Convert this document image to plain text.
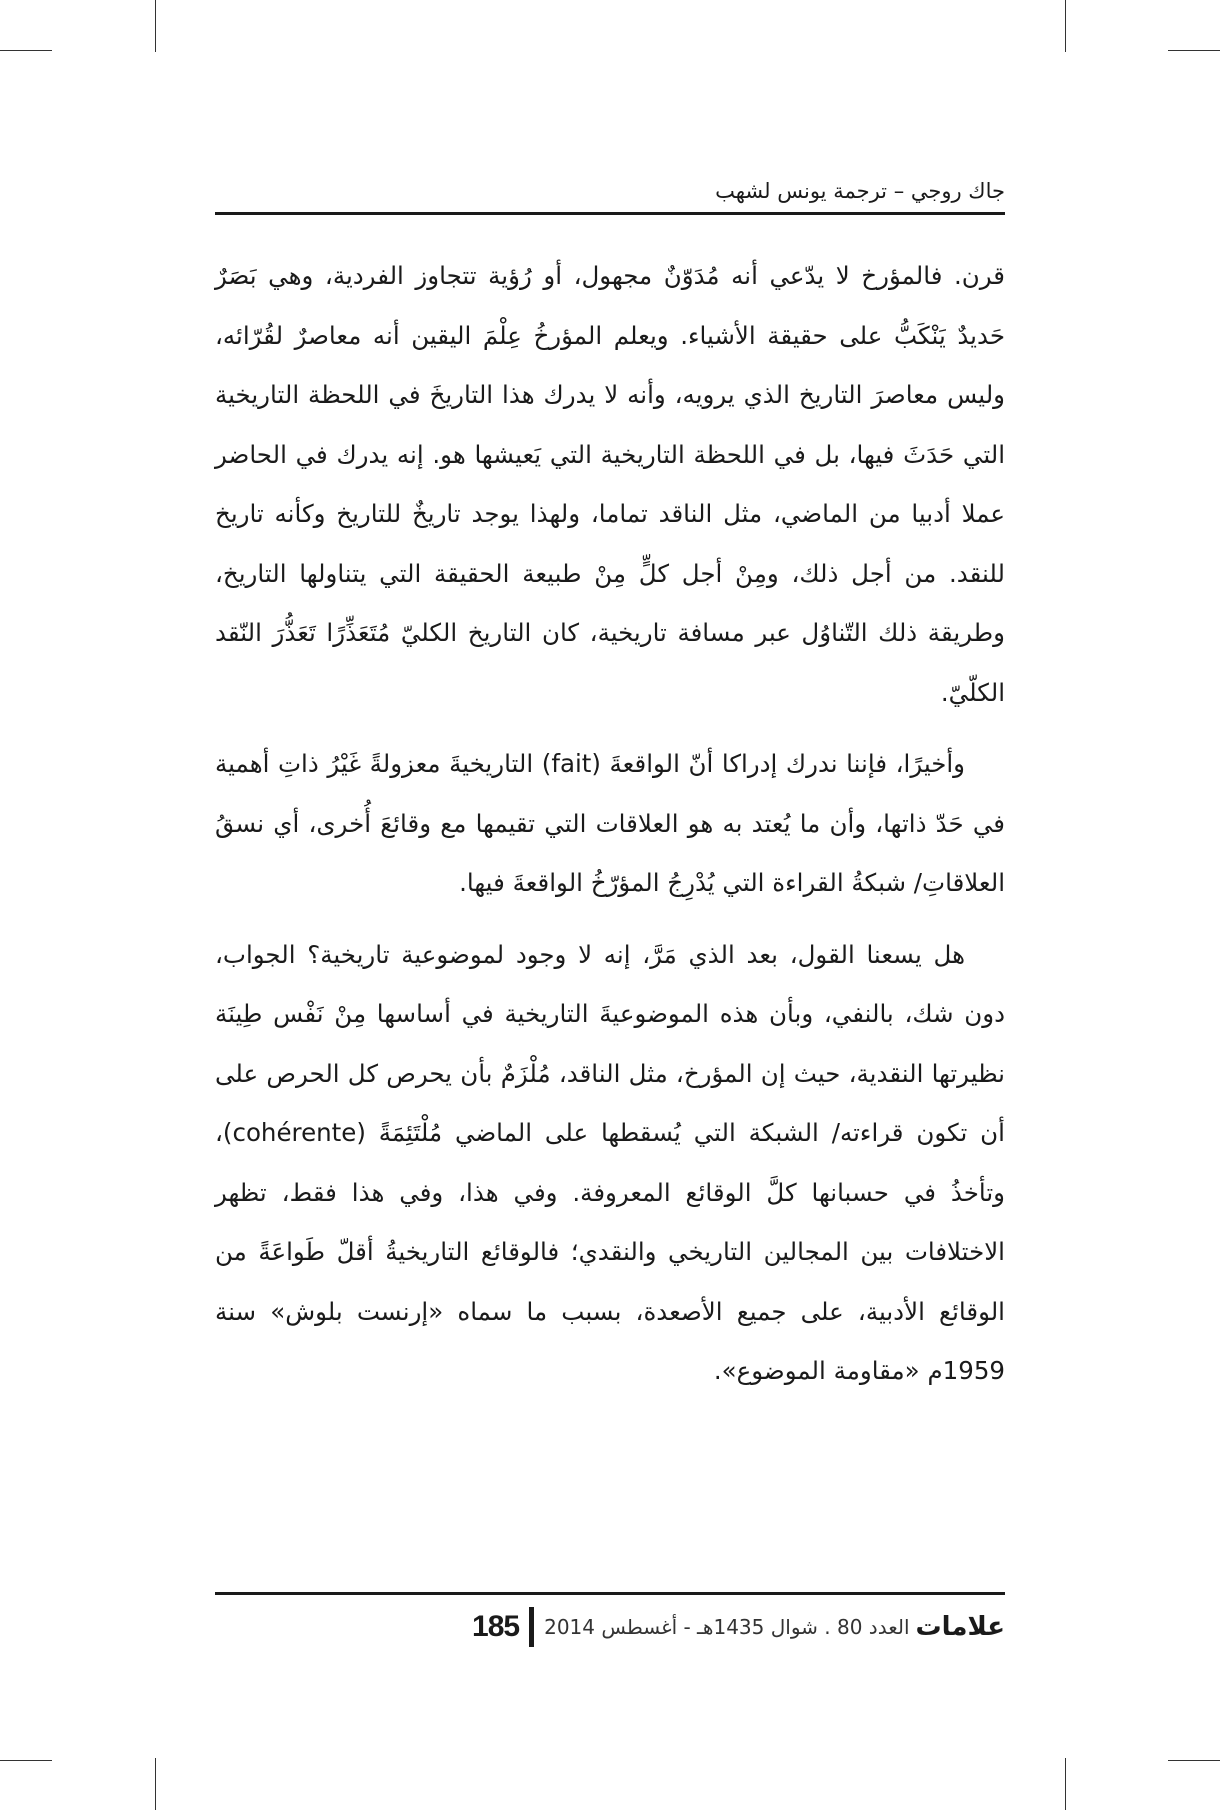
جاك روجي – ترجمة يونس لشهب

قرن. فالمؤرخ لا يدّعي أنه مُدَوّنٌ مجهول، أو رُؤية تتجاوز الفردية، وهي بَصَرٌ حَديدٌ يَنْكَبُّ على حقيقة الأشياء. ويعلم المؤرخُ عِلْمَ اليقين أنه معاصرٌ لقُرّائه، وليس معاصرَ التاريخ الذي يرويه، وأنه لا يدرك هذا التاريخَ في اللحظة التاريخية التي حَدَثَ فيها، بل في اللحظة التاريخية التي يَعيشها هو. إنه يدرك في الحاضر عملا أدبيا من الماضي، مثل الناقد تماما، ولهذا يوجد تاريخٌ للتاريخ وكأنه تاريخ للنقد. من أجل ذلك، ومِنْ أجل كلٍّ مِنْ طبيعة الحقيقة التي يتناولها التاريخ، وطريقة ذلك التّناوُل عبر مسافة تاريخية، كان التاريخ الكليّ مُتَعَذِّرًا تَعَذُّرَ النّقد الكلّيّ.

وأخيرًا، فإننا ندرك إدراكا أنّ الواقعةَ (fait) التاريخيةَ معزولةً غَيْرُ ذاتِ أهمية في حَدّ ذاتها، وأن ما يُعتد به هو العلاقات التي تقيمها مع وقائعَ أُخرى، أي نسقُ العلاقاتِ/ شبكةُ القراءة التي يُدْرِجُ المؤرّخُ الواقعةَ فيها.

هل يسعنا القول، بعد الذي مَرَّ، إنه لا وجود لموضوعية تاريخية؟ الجواب، دون شك، بالنفي، وبأن هذه الموضوعيةَ التاريخية في أساسها مِنْ نَفْس طِينَة نظيرتها النقدية، حيث إن المؤرخ، مثل الناقد، مُلْزَمٌ بأن يحرص كل الحرص على أن تكون قراءته/ الشبكة التي يُسقطها على الماضي مُلْتَئِمَةً (cohérente)، وتأخذُ في حسبانها كلَّ الوقائع المعروفة. وفي هذا، وفي هذا فقط، تظهر الاختلافات بين المجالين التاريخي والنقدي؛ فالوقائع التاريخيةُ أقلّ طَواعَةً من الوقائع الأدبية، على جميع الأصعدة، بسبب ما سماه «إرنست بلوش» سنة 1959م «مقاومة الموضوع».

علامات
العدد 80 . شوال 1435هـ - أغسطس 2014
185
